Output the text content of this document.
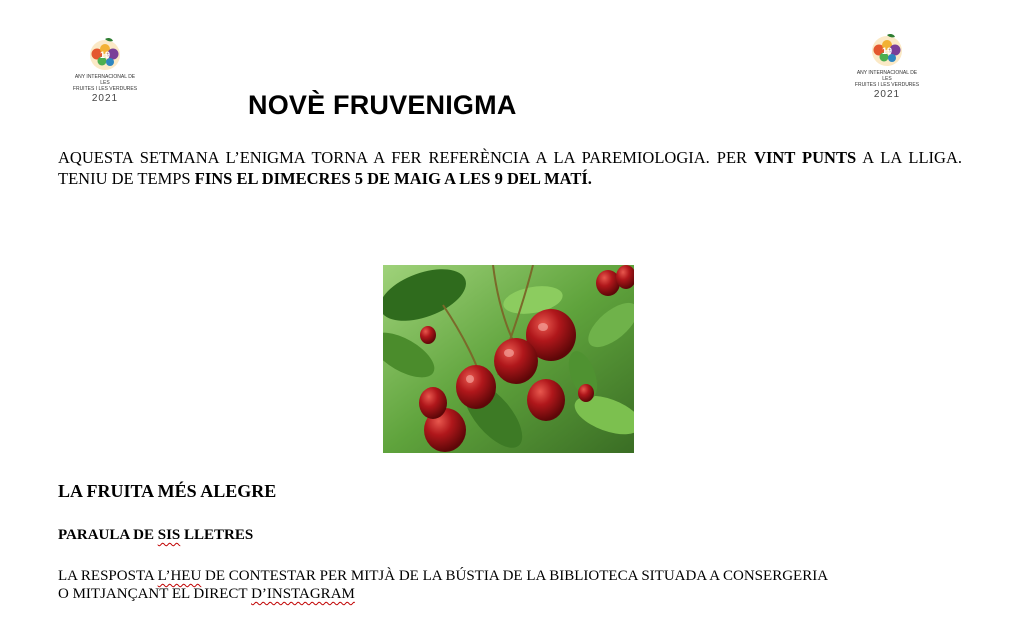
19
ANY INTERNACIONAL DE LES
FRUITES I LES VERDURES
2021
19
ANY INTERNACIONAL DE LES
FRUITES I LES VERDURES
2021
NOVÈ FRUVENIGMA
AQUESTA SETMANA L’ENIGMA TORNA A FER REFERÈNCIA A LA PAREMIOLOGIA. PER VINT PUNTS A LA LLIGA. TENIU DE TEMPS FINS EL DIMECRES 5 DE MAIG A LES 9 DEL MATÍ.
LA FRUITA MÉS ALEGRE
PARAULA DE SIS LLETRES
LA RESPOSTA L’HEU DE CONTESTAR PER MITJÀ DE LA BÚSTIA DE LA BIBLIOTECA SITUADA A CONSERGERIA
O MITJANÇANT EL DIRECT D’INSTAGRAM
